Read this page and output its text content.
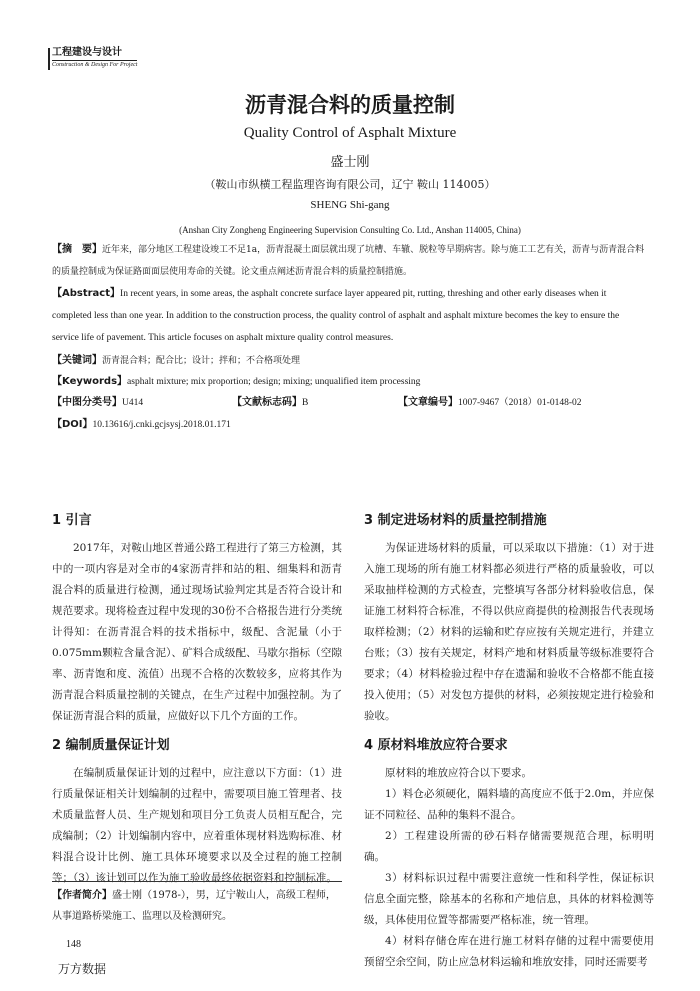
工程建设与设计
Construction & Design For Project
沥青混合料的质量控制
Quality Control of Asphalt Mixture
盛士刚
（鞍山市纵横工程监理咨询有限公司，辽宁 鞍山 114005）
SHENG Shi-gang
(Anshan City Zongheng Engineering Supervision Consulting Co. Ltd., Anshan 114005, China)
【摘　要】近年来，部分地区工程建设竣工不足1a，沥青混凝土面层就出现了坑槽、车辙、脱粒等早期病害。除与施工工艺有关，沥青与沥青混合料的质量控制成为保证路面面层使用寿命的关键。论文重点阐述沥青混合料的质量控制措施。
【Abstract】In recent years, in some areas, the asphalt concrete surface layer appeared pit, rutting, threshing and other early diseases when it completed less than one year. In addition to the construction process, the quality control of asphalt and asphalt mixture becomes the key to ensure the service life of pavement. This article focuses on asphalt mixture quality control measures.
【关键词】沥青混合料；配合比；设计；拌和；不合格项处理
【Keywords】asphalt mixture; mix proportion; design; mixing; unqualified item processing
【中图分类号】U414	【文献标志码】B	【文章编号】1007-9467（2018）01-0148-02
【DOI】10.13616/j.cnki.gcjsysj.2018.01.171
1 引言
2017年，对鞍山地区普通公路工程进行了第三方检测，其中的一项内容是对全市的4家沥青拌和站的粗、细集料和沥青混合料的质量进行检测，通过现场试验判定其是否符合设计和规范要求。现将检查过程中发现的30份不合格报告进行分类统计得知：在沥青混合料的技术指标中，级配、含泥量（小于0.075mm颗粒含量含泥）、矿料合成级配、马歇尔指标（空隙率、沥青饱和度、流值）出现不合格的次数较多，应将其作为沥青混合料质量控制的关键点，在生产过程中加强控制。为了保证沥青混合料的质量，应做好以下几个方面的工作。
2 编制质量保证计划
在编制质量保证计划的过程中，应注意以下方面：（1）进行质量保证相关计划编制的过程中，需要项目施工管理者、技术质量监督人员、生产规划和项目分工负责人员相互配合，完成编制；（2）计划编制内容中，应着重体现材料选购标准、材料混合设计比例、施工具体环境要求以及全过程的施工控制等；（3）该计划可以作为施工验收最终依据资料和控制标准。
3 制定进场材料的质量控制措施
为保证进场材料的质量，可以采取以下措施：（1）对于进入施工现场的所有施工材料都必须进行严格的质量验收，可以采取抽样检测的方式检查，完整填写各部分材料验收信息，保证施工材料符合标准，不得以供应商提供的检测报告代表现场取样检测；（2）材料的运输和贮存应按有关规定进行，并建立台账；（3）按有关规定，材料产地和材料质量等级标准要符合要求；（4）材料检验过程中存在遗漏和验收不合格都不能直接投入使用；（5）对发包方提供的材料，必须按规定进行检验和验收。
4 原材料堆放应符合要求
原材料的堆放应符合以下要求。
1）料仓必须硬化，隔料墙的高度应不低于2.0m，并应保证不同粒径、品种的集料不混合。
2）工程建设所需的砂石料存储需要规范合理，标明明确。
3）材料标识过程中需要注意统一性和科学性，保证标识信息全面完整，除基本的名称和产地信息，具体的材料检测等级，具体使用位置等都需要严格标准，统一管理。
4）材料存储仓库在进行施工材料存储的过程中需要使用预留空余空间，防止应急材料运输和堆放安排，同时还需要考
【作者简介】盛士刚（1978-），男，辽宁鞍山人，高级工程师，从事道路桥梁施工、监理以及检测研究。
148
万方数据
